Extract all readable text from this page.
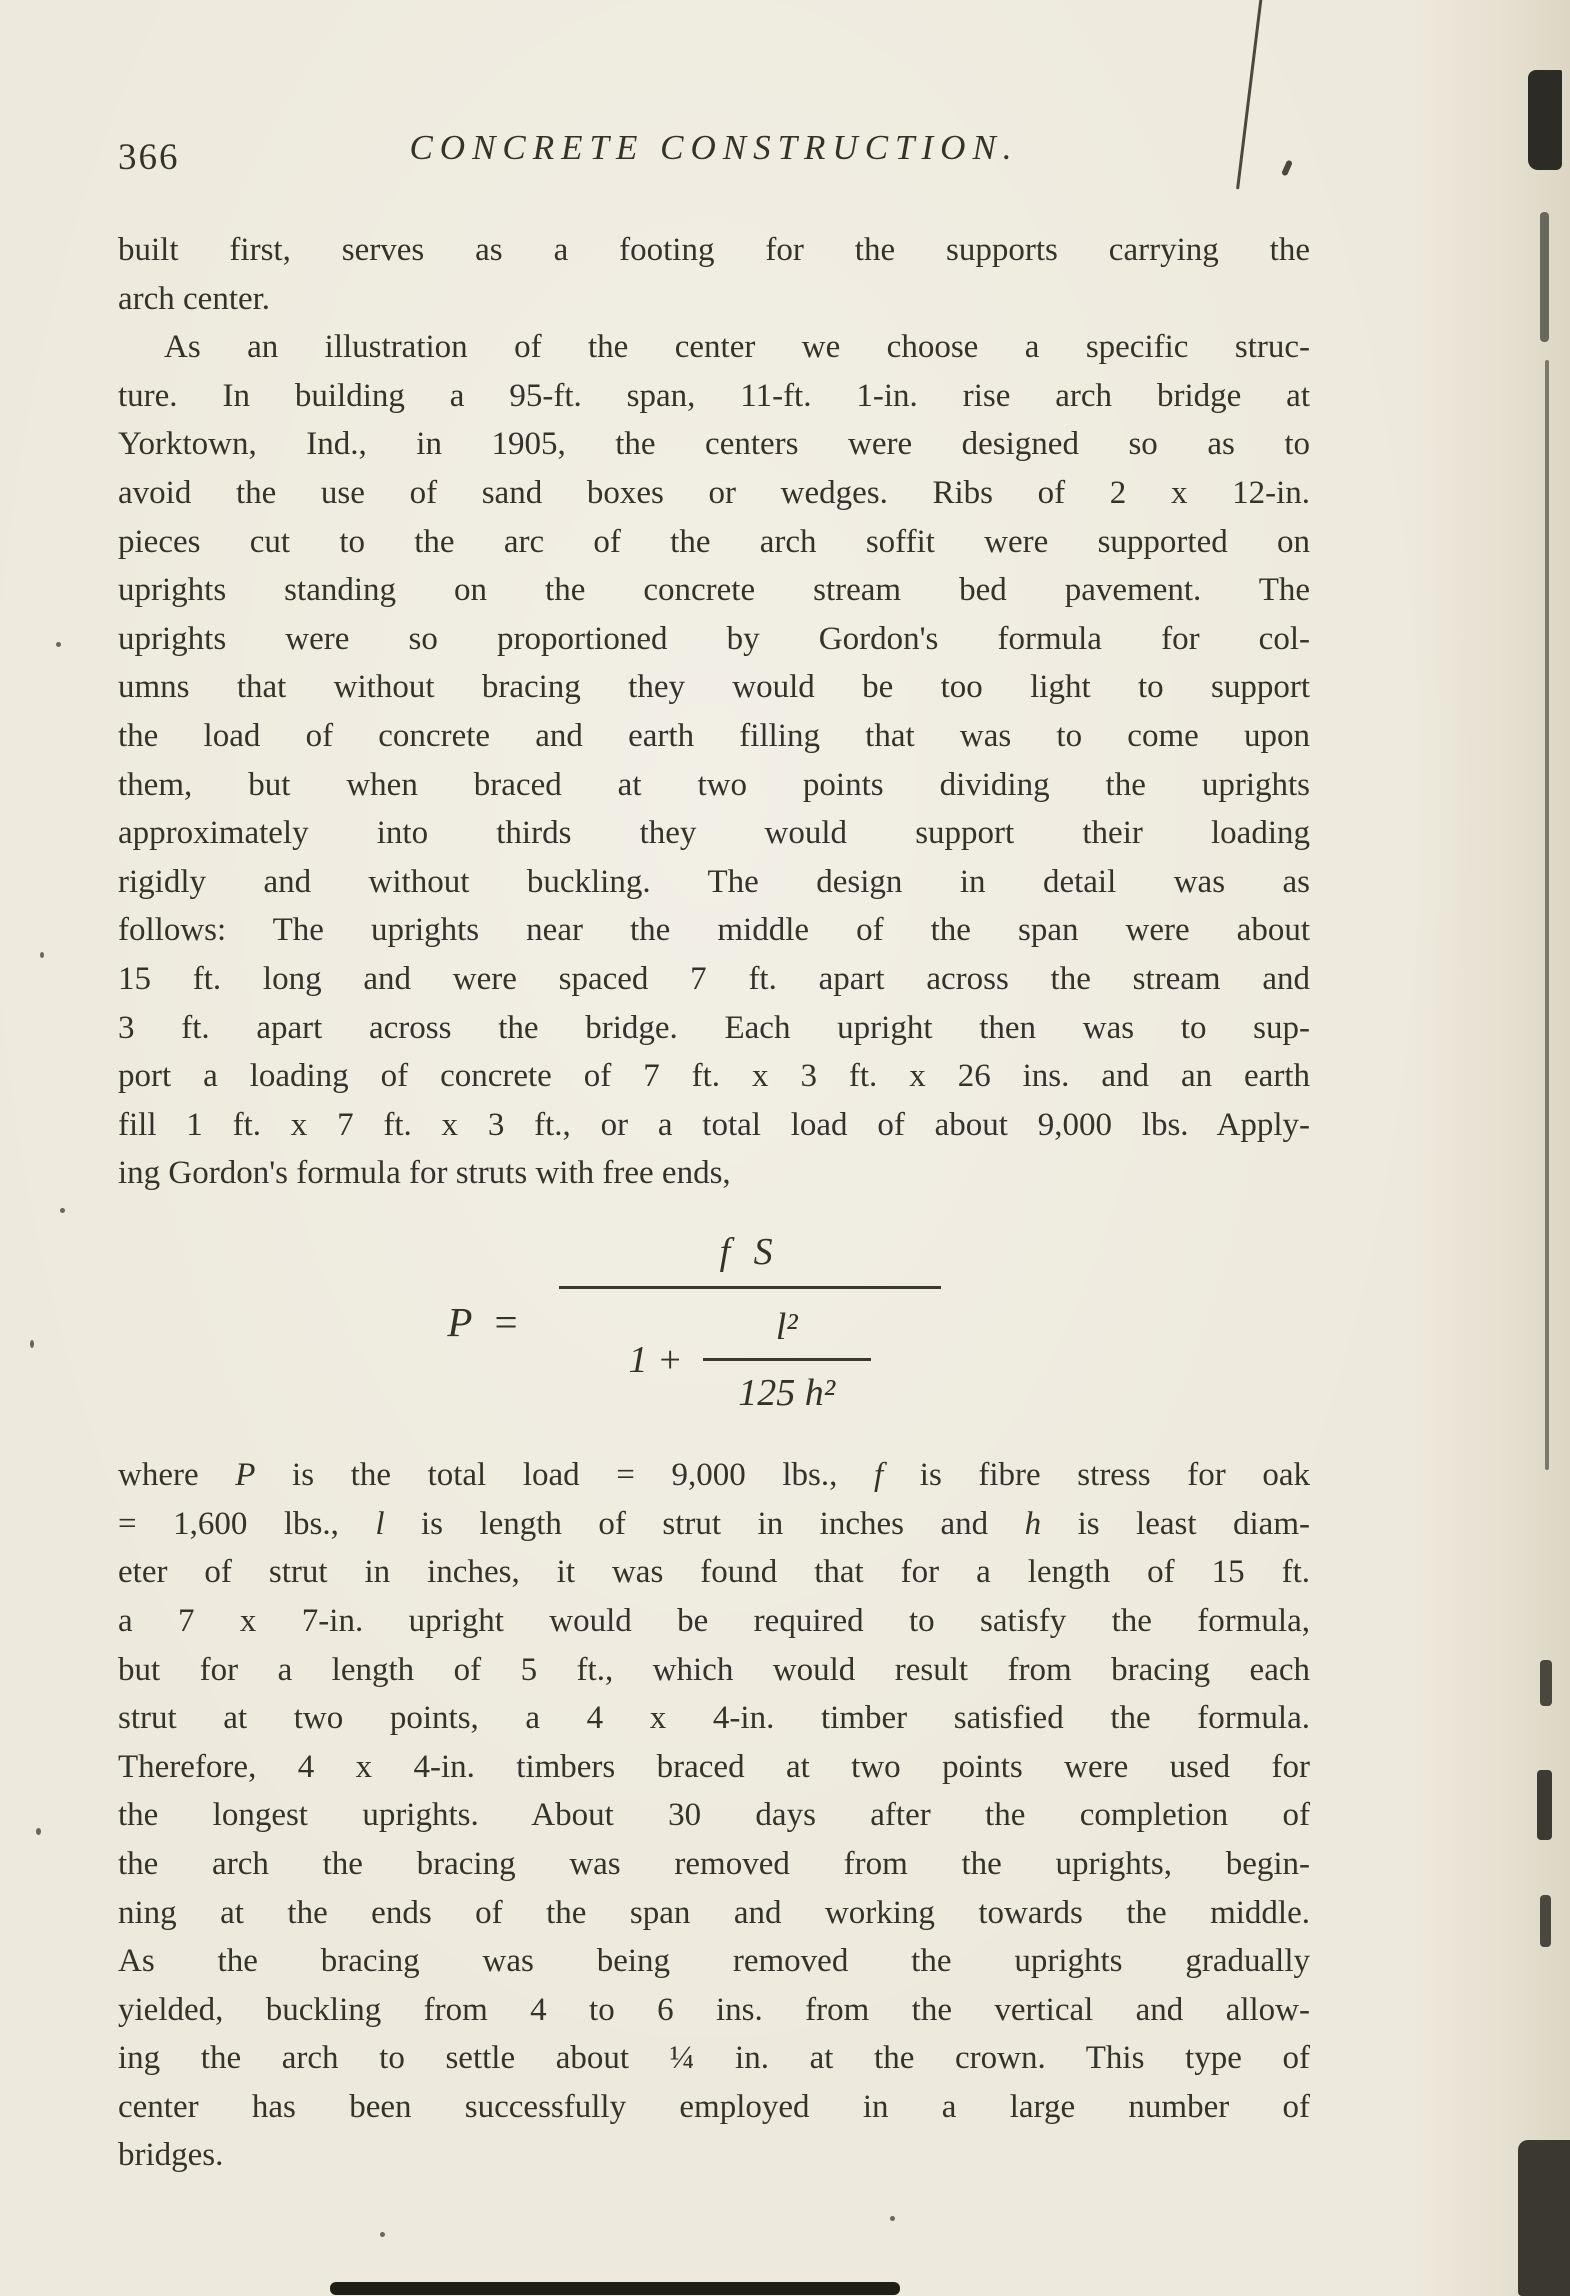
366	CONCRETE CONSTRUCTION.
built first, serves as a footing for the supports carrying the
arch center.
As an illustration of the center we choose a specific struc-
ture. In building a 95-ft. span, 11-ft. 1-in. rise arch bridge at
Yorktown, Ind., in 1905, the centers were designed so as to
avoid the use of sand boxes or wedges. Ribs of 2 x 12-in.
pieces cut to the arc of the arch soffit were supported on
uprights standing on the concrete stream bed pavement. The
uprights were so proportioned by Gordon's formula for col-
umns that without bracing they would be too light to support
the load of concrete and earth filling that was to come upon
them, but when braced at two points dividing the uprights
approximately into thirds they would support their loading
rigidly and without buckling. The design in detail was as
follows: The uprights near the middle of the span were about
15 ft. long and were spaced 7 ft. apart across the stream and
3 ft. apart across the bridge. Each upright then was to sup-
port a loading of concrete of 7 ft. x 3 ft. x 26 ins. and an earth
fill 1 ft. x 7 ft. x 3 ft., or a total load of about 9,000 lbs. Apply-
ing Gordon's formula for struts with free ends,
$P = \frac{\text{f S}}{1 + \frac{\text{l²}}{\text{125 h²}}}$
where P is the total load = 9,000 lbs., f is fibre stress for oak
= 1,600 lbs., l is length of strut in inches and h is least diam-
eter of strut in inches, it was found that for a length of 15 ft.
a 7 x 7-in. upright would be required to satisfy the formula,
but for a length of 5 ft., which would result from bracing each
strut at two points, a 4 x 4-in. timber satisfied the formula.
Therefore, 4 x 4-in. timbers braced at two points were used for
the longest uprights. About 30 days after the completion of
the arch the bracing was removed from the uprights, begin-
ning at the ends of the span and working towards the middle.
As the bracing was being removed the uprights gradually
yielded, buckling from 4 to 6 ins. from the vertical and allow-
ing the arch to settle about ¼ in. at the crown. This type of
center has been successfully employed in a large number of
bridges.
